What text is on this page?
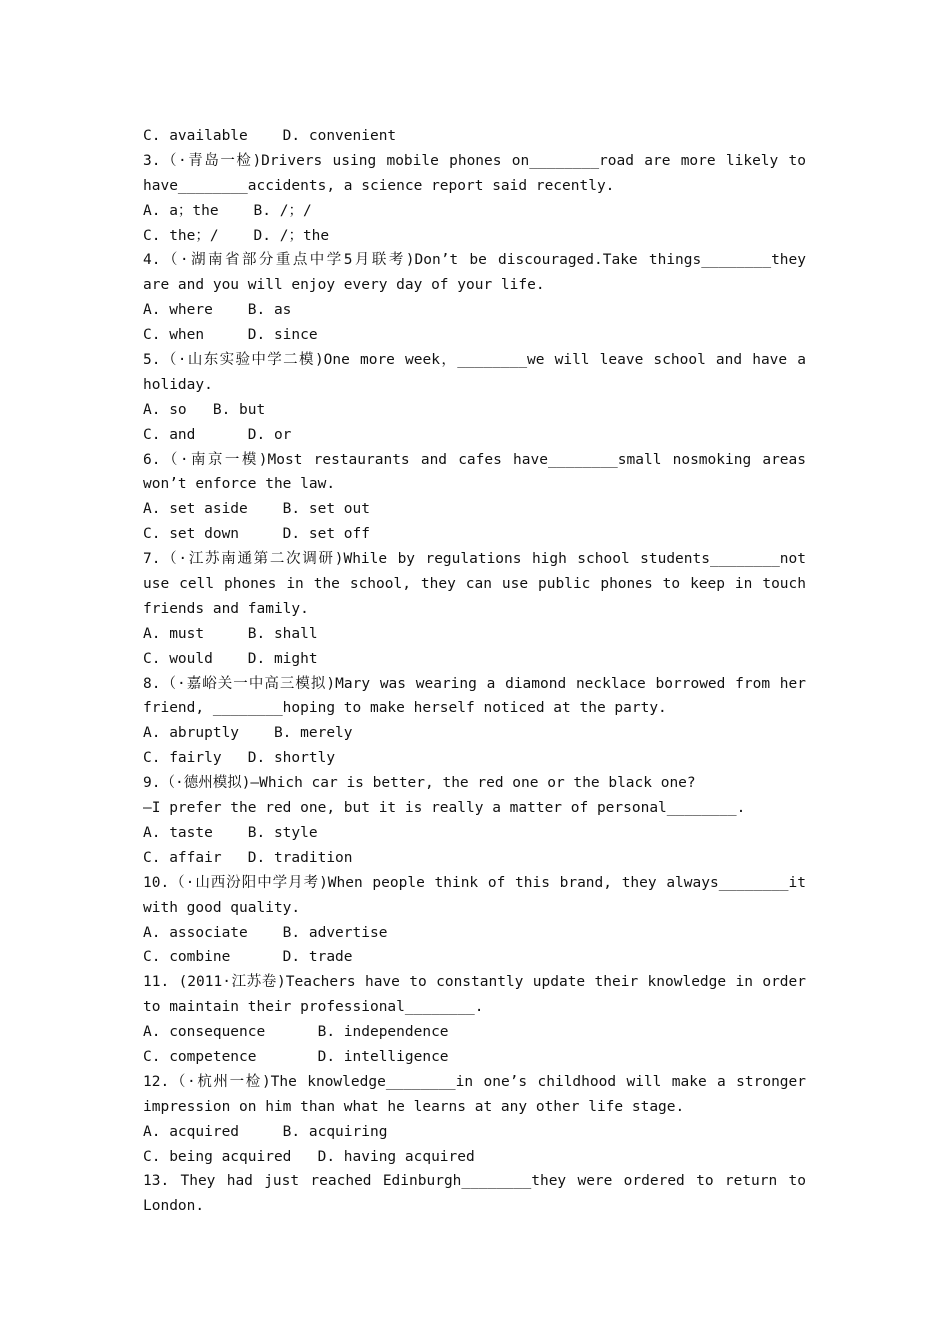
C. available    D. convenient
3.（·青岛一检)Drivers using mobile phones on________road are more likely to
have________accidents, a science report said recently.
A. a；the    B. /；/
C. the；/    D. /；the
4.（·湖南省部分重点中学5月联考)Don’t be discouraged.Take things________they
are and you will enjoy every day of your life.
A. where    B. as
C. when     D. since
5.（·山东实验中学二模)One more week，________we will leave school and have a
holiday.
A. so   B. but
C. and      D. or
6.（·南京一模)Most restaurants and cafes have________small nosmoking areas
won’t enforce the law.
A. set aside    B. set out
C. set down     D. set off
7.（·江苏南通第二次调研)While by regulations high school students________not
use cell phones in the school, they can use public phones to keep in touch
friends and family.
A. must     B. shall
C. would    D. might
8.（·嘉峪关一中高三模拟)Mary was wearing a diamond necklace borrowed from her
friend, ________hoping to make herself noticed at the party.
A. abruptly    B. merely
C. fairly   D. shortly
9.（·德州模拟)—Which car is better, the red one or the black one?
—I prefer the red one, but it is really a matter of personal________.
A. taste    B. style
C. affair   D. tradition
10.（·山西汾阳中学月考)When people think of this brand, they always________it
with good quality.
A. associate    B. advertise
C. combine      D. trade
11. (2011·江苏卷)Teachers have to constantly update their knowledge in order
to maintain their professional________.
A. consequence      B. independence
C. competence       D. intelligence
12.（·杭州一检)The knowledge________in one’s childhood will make a stronger
impression on him than what he learns at any other life stage.
A. acquired     B. acquiring
C. being acquired   D. having acquired
13. They had just reached Edinburgh________they were ordered to return to
London.
